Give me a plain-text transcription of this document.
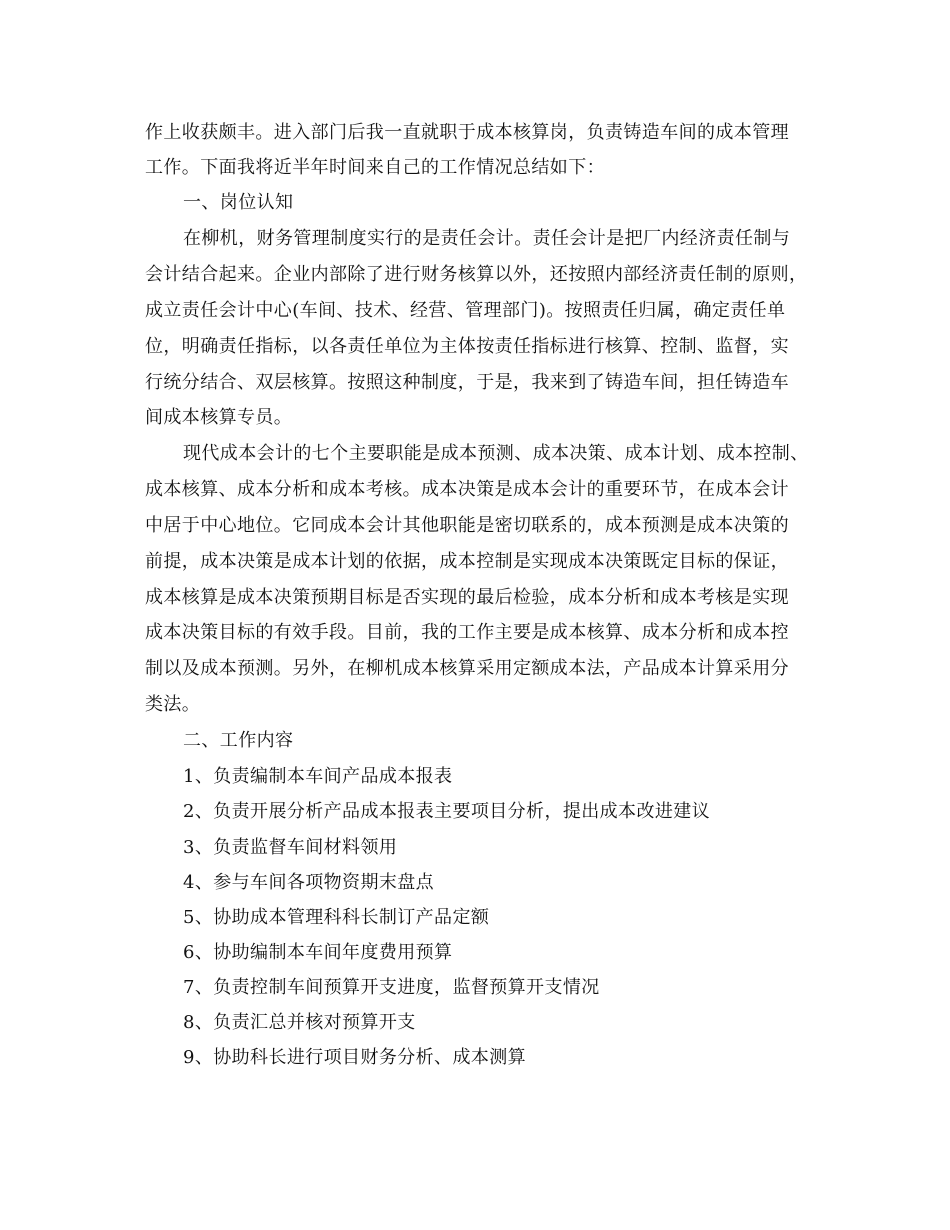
作上收获颇丰。进入部门后我一直就职于成本核算岗，负责铸造车间的成本管理
工作。下面我将近半年时间来自己的工作情况总结如下：
一、岗位认知
在柳机，财务管理制度实行的是责任会计。责任会计是把厂内经济责任制与
会计结合起来。企业内部除了进行财务核算以外，还按照内部经济责任制的原则，
成立责任会计中心(车间、技术、经营、管理部门)。按照责任归属，确定责任单
位，明确责任指标，以各责任单位为主体按责任指标进行核算、控制、监督，实
行统分结合、双层核算。按照这种制度，于是，我来到了铸造车间，担任铸造车
间成本核算专员。
现代成本会计的七个主要职能是成本预测、成本决策、成本计划、成本控制、
成本核算、成本分析和成本考核。成本决策是成本会计的重要环节，在成本会计
中居于中心地位。它同成本会计其他职能是密切联系的，成本预测是成本决策的
前提，成本决策是成本计划的依据，成本控制是实现成本决策既定目标的保证，
成本核算是成本决策预期目标是否实现的最后检验，成本分析和成本考核是实现
成本决策目标的有效手段。目前，我的工作主要是成本核算、成本分析和成本控
制以及成本预测。另外，在柳机成本核算采用定额成本法，产品成本计算采用分
类法。
二、工作内容
1、负责编制本车间产品成本报表
2、负责开展分析产品成本报表主要项目分析，提出成本改进建议
3、负责监督车间材料领用
4、参与车间各项物资期末盘点
5、协助成本管理科科长制订产品定额
6、协助编制本车间年度费用预算
7、负责控制车间预算开支进度，监督预算开支情况
8、负责汇总并核对预算开支
9、协助科长进行项目财务分析、成本测算
